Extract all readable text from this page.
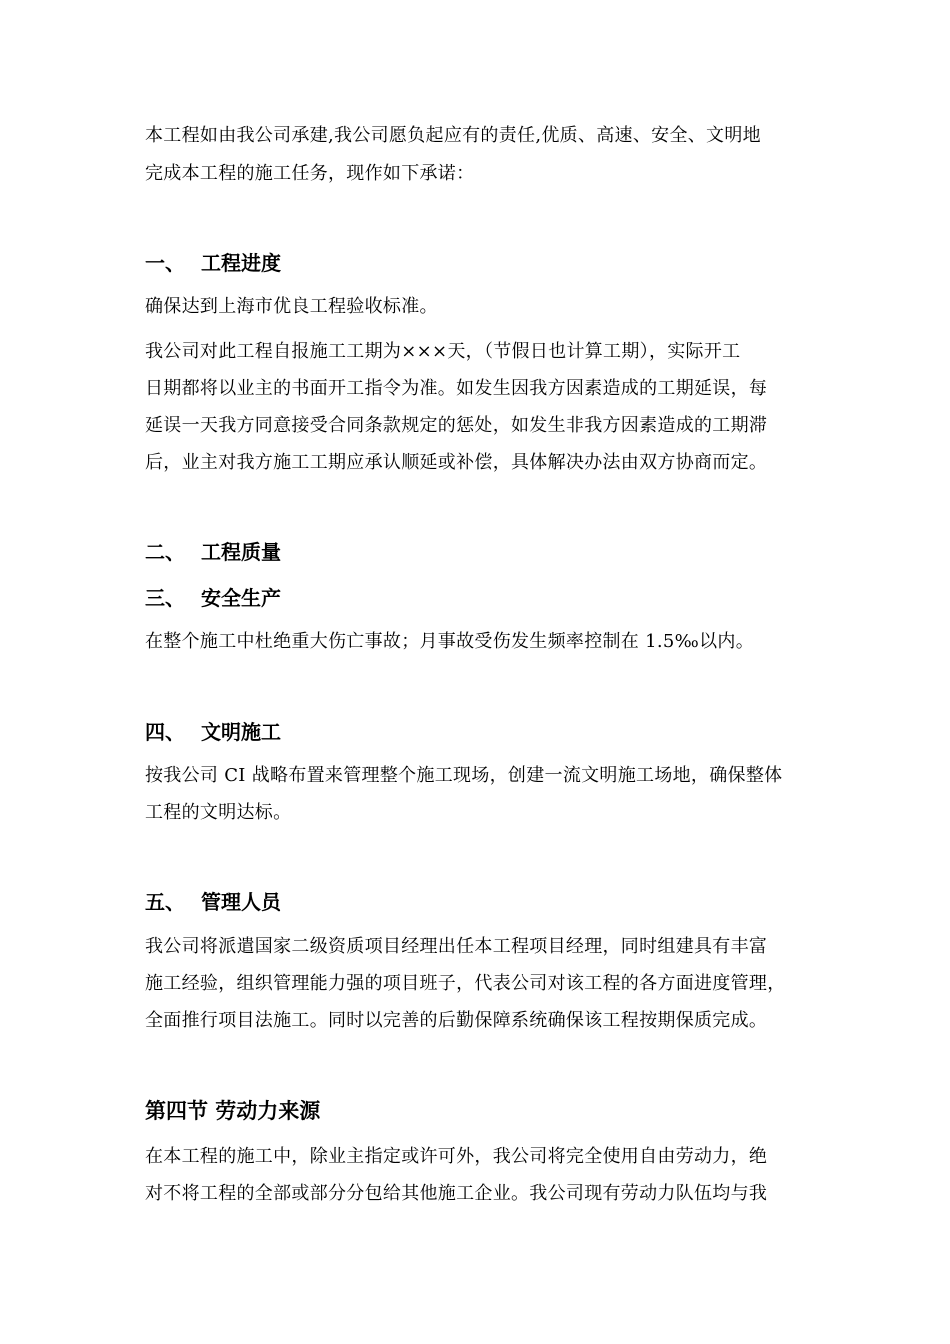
本工程如由我公司承建,我公司愿负起应有的责任,优质、高速、安全、文明地
完成本工程的施工任务，现作如下承诺：
一、 工程进度
确保达到上海市优良工程验收标准。
我公司对此工程自报施工工期为×××天，（节假日也计算工期），实际开工
日期都将以业主的书面开工指令为准。如发生因我方因素造成的工期延误，每
延误一天我方同意接受合同条款规定的惩处，如发生非我方因素造成的工期滞
后，业主对我方施工工期应承认顺延或补偿，具体解决办法由双方协商而定。
二、 工程质量
三、 安全生产
在整个施工中杜绝重大伤亡事故；月事故受伤发生频率控制在 1.5‰以内。
四、 文明施工
按我公司 CI 战略布置来管理整个施工现场，创建一流文明施工场地，确保整体
工程的文明达标。
五、 管理人员
我公司将派遣国家二级资质项目经理出任本工程项目经理，同时组建具有丰富
施工经验，组织管理能力强的项目班子，代表公司对该工程的各方面进度管理，
全面推行项目法施工。同时以完善的后勤保障系统确保该工程按期保质完成。
第四节 劳动力来源
在本工程的施工中，除业主指定或许可外，我公司将完全使用自由劳动力，绝
对不将工程的全部或部分分包给其他施工企业。我公司现有劳动力队伍均与我
